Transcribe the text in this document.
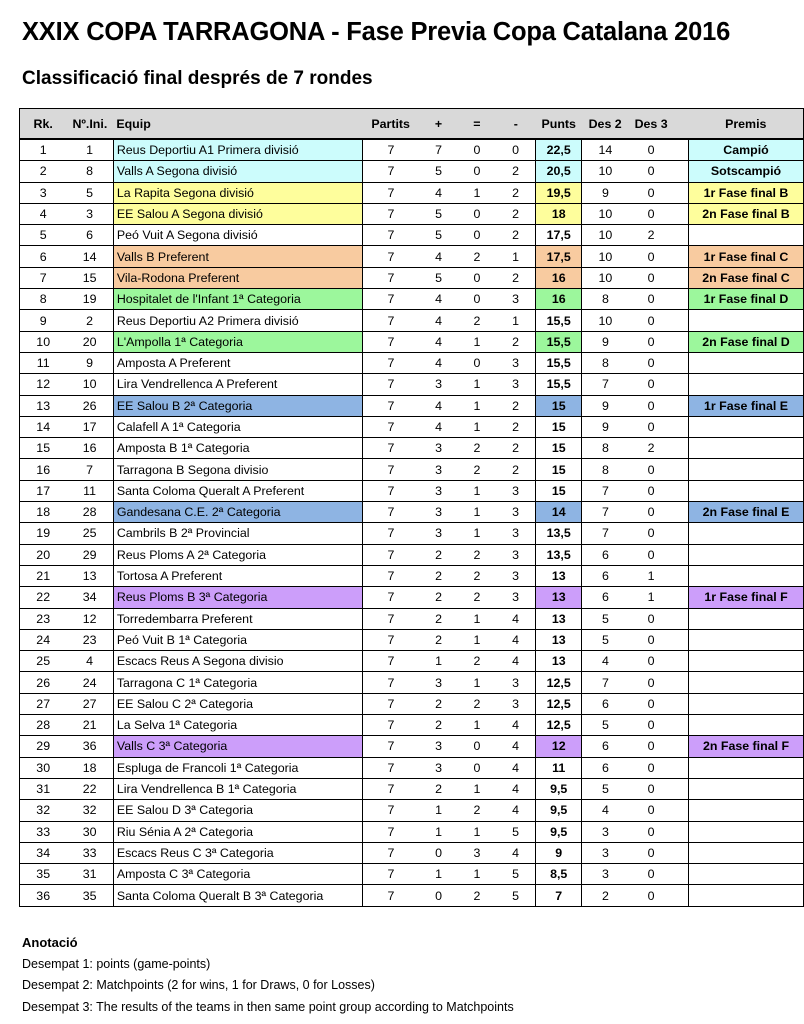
XXIX COPA TARRAGONA - Fase Previa Copa Catalana 2016
Classificació final després de 7 rondes
Rk.	Nº.Ini.	Equip	Partits	+	=	-	Punts	Des 2	Des 3		Premis
1	1	Reus Deportiu A1 Primera divisió	7	7	0	0	22,5	14	0		Campió
2	8	Valls A Segona divisió	7	5	0	2	20,5	10	0		Sotscampió
3	5	La Rapita Segona divisió	7	4	1	2	19,5	9	0		1r Fase final B
4	3	EE Salou A Segona divisió	7	5	0	2	18	10	0		2n Fase final B
5	6	Peó Vuit A Segona divisió	7	5	0	2	17,5	10	2		
6	14	Valls B Preferent	7	4	2	1	17,5	10	0		1r Fase final C
7	15	Vila-Rodona Preferent	7	5	0	2	16	10	0		2n Fase final C
8	19	Hospitalet de l'Infant 1ª Categoria	7	4	0	3	16	8	0		1r Fase final D
9	2	Reus Deportiu A2 Primera divisió	7	4	2	1	15,5	10	0		
10	20	L'Ampolla 1ª Categoria	7	4	1	2	15,5	9	0		2n Fase final D
11	9	Amposta A Preferent	7	4	0	3	15,5	8	0		
12	10	Lira Vendrellenca A Preferent	7	3	1	3	15,5	7	0		
13	26	EE Salou B 2ª Categoria	7	4	1	2	15	9	0		1r Fase final E
14	17	Calafell A 1ª Categoria	7	4	1	2	15	9	0		
15	16	Amposta B 1ª Categoria	7	3	2	2	15	8	2		
16	7	Tarragona B Segona divisio	7	3	2	2	15	8	0		
17	11	Santa Coloma Queralt A Preferent	7	3	1	3	15	7	0		
18	28	Gandesana C.E. 2ª Categoria	7	3	1	3	14	7	0		2n Fase final E
19	25	Cambrils B 2ª Provincial	7	3	1	3	13,5	7	0		
20	29	Reus Ploms A 2ª Categoria	7	2	2	3	13,5	6	0		
21	13	Tortosa A Preferent	7	2	2	3	13	6	1		
22	34	Reus Ploms B 3ª Categoria	7	2	2	3	13	6	1		1r Fase final F
23	12	Torredembarra Preferent	7	2	1	4	13	5	0		
24	23	Peó Vuit B 1ª Categoria	7	2	1	4	13	5	0		
25	4	Escacs Reus A Segona divisio	7	1	2	4	13	4	0		
26	24	Tarragona C 1ª Categoria	7	3	1	3	12,5	7	0		
27	27	EE Salou C 2ª Categoria	7	2	2	3	12,5	6	0		
28	21	La Selva 1ª Categoria	7	2	1	4	12,5	5	0		
29	36	Valls C 3ª Categoria	7	3	0	4	12	6	0		2n Fase final F
30	18	Espluga de Francoli 1ª Categoria	7	3	0	4	11	6	0		
31	22	Lira Vendrellenca B 1ª Categoria	7	2	1	4	9,5	5	0		
32	32	EE Salou D 3ª Categoria	7	1	2	4	9,5	4	0		
33	30	Riu Sénia A 2ª Categoria	7	1	1	5	9,5	3	0		
34	33	Escacs Reus C 3ª Categoria	7	0	3	4	9	3	0		
35	31	Amposta C 3ª Categoria	7	1	1	5	8,5	3	0		
36	35	Santa Coloma Queralt B 3ª Categoria	7	0	2	5	7	2	0		
Anotació
Desempat 1: points (game-points)
Desempat 2: Matchpoints (2 for wins, 1 for Draws, 0 for Losses)
Desempat 3: The results of the teams in then same point group according to Matchpoints
